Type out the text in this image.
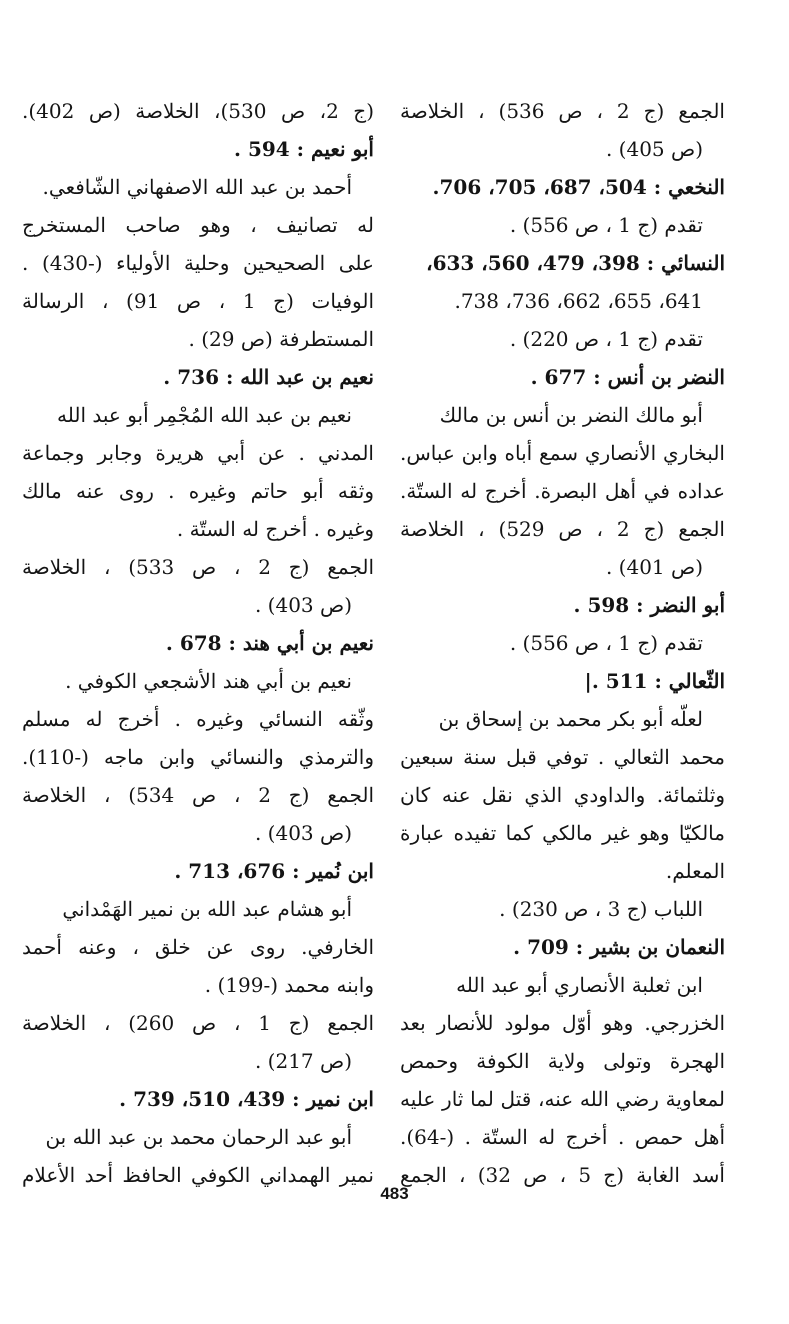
الجمع (ج 2 ، ص 536) ، الخلاصة
(ص 405) .
النخعي : 504، 687، 705، 706.
تقدم (ج 1 ، ص 556) .
النسائي : 398، 479، 560، 633،
641، 655، 662، 736، 738.
تقدم (ج 1 ، ص 220) .
النضر بن أنس : 677 .
أبو مالك النضر بن أنس بن مالك
البخاري الأنصاري سمع أباه وابن عباس.
عداده في أهل البصرة. أخرج له الستّة.
الجمع (ج 2 ، ص 529) ، الخلاصة
(ص 401) .
أبو النضر : 598 .
تقدم (ج 1 ، ص 556) .
الثّعالي : 511 .|
لعلّه أبو بكر محمد بن إسحاق بن
محمد الثعالي . توفي قبل سنة سبعين
وثلثمائة. والداودي الذي نقل عنه كان
مالكيّا وهو غير مالكي كما تفيده عبارة
المعلم.
اللباب (ج 3 ، ص 230) .
النعمان بن بشير : 709 .
ابن ثعلبة الأنصاري أبو عبد الله
الخزرجي. وهو أوّل مولود للأنصار بعد
الهجرة وتولى ولاية الكوفة وحمص
لمعاوية رضي الله عنه، قتل لما ثار عليه
أهل حمص . أخرج له الستّة . (-64).
أسد الغابة (ج 5 ، ص 32) ، الجمع
(ج 2، ص 530)، الخلاصة (ص 402).
أبو نعيم : 594 .
أحمد بن عبد الله الاصفهاني الشّافعي.
له تصانيف ، وهو صاحب المستخرج
على الصحيحين وحلية الأولياء (-430) .
الوفيات (ج 1 ، ص 91) ، الرسالة
المستطرفة (ص 29) .
نعيم بن عبد الله : 736 .
نعيم بن عبد الله المُجْمِر أبو عبد الله
المدني . عن أبي هريرة وجابر وجماعة
وثقه أبو حاتم وغيره . روى عنه مالك
وغيره . أخرج له الستّة .
الجمع (ج 2 ، ص 533) ، الخلاصة
(ص 403) .
نعيم بن أبي هند : 678 .
نعيم بن أبي هند الأشجعي الكوفي .
وثّقه النسائي وغيره . أخرج له مسلم
والترمذي والنسائي وابن ماجه (-110).
الجمع (ج 2 ، ص 534) ، الخلاصة
(ص 403) .
ابن نُمير : 676، 713 .
أبو هشام عبد الله بن نمير الهَمْداني
الخارفي. روى عن خلق ، وعنه أحمد
وابنه محمد (-199) .
الجمع (ج 1 ، ص 260) ، الخلاصة
(ص 217) .
ابن نمير : 439، 510، 739 .
أبو عبد الرحمان محمد بن عبد الله بن
نمير الهمداني الكوفي الحافظ أحد الأعلام
483
